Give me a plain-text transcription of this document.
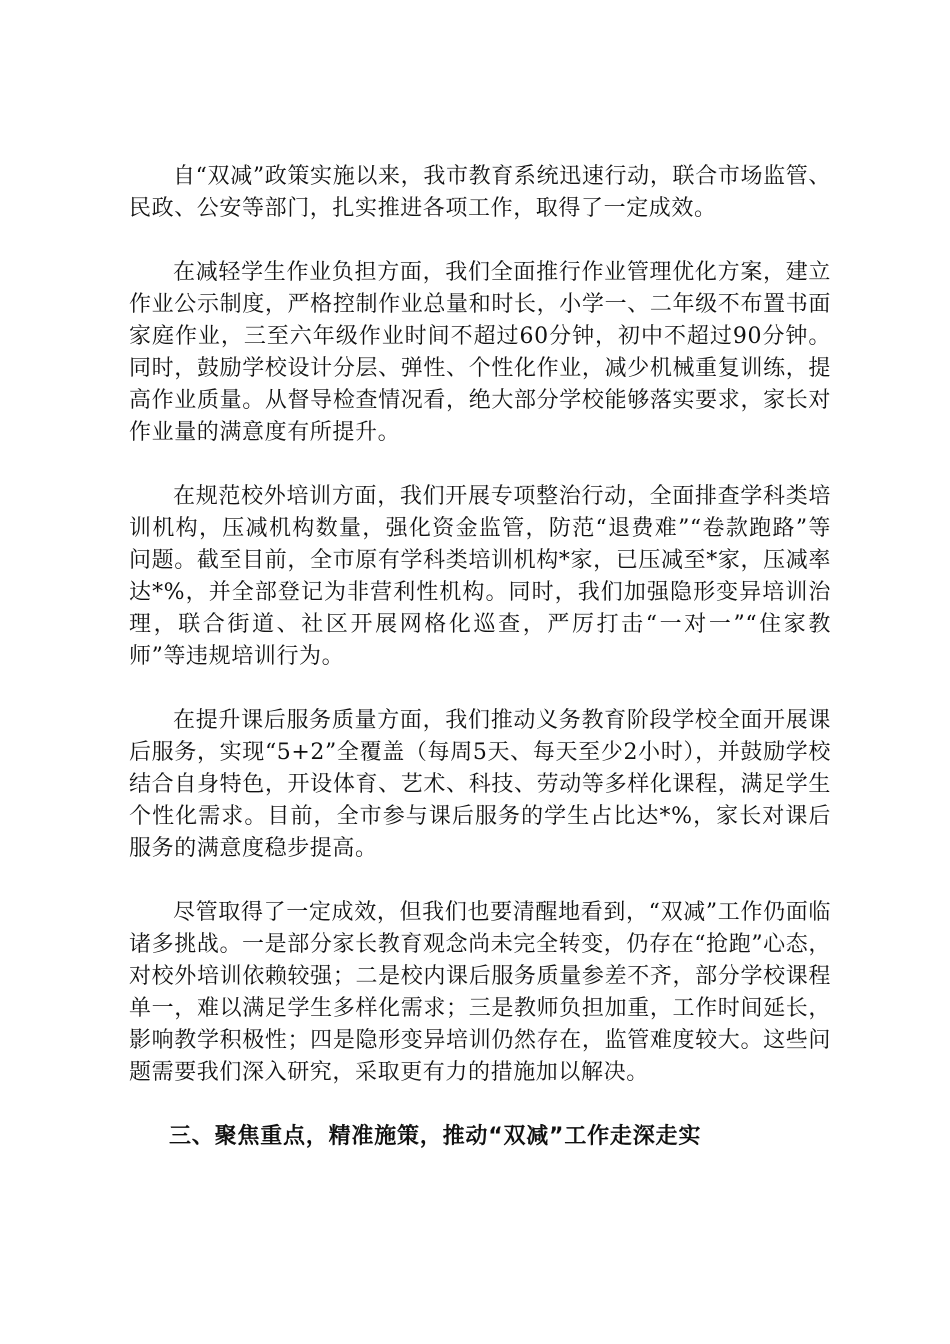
自“双减”政策实施以来，我市教育系统迅速行动，联合市场监管、民政、公安等部门，扎实推进各项工作，取得了一定成效。

在减轻学生作业负担方面，我们全面推行作业管理优化方案，建立作业公示制度，严格控制作业总量和时长，小学一、二年级不布置书面家庭作业，三至六年级作业时间不超过60分钟，初中不超过90分钟。同时，鼓励学校设计分层、弹性、个性化作业，减少机械重复训练，提高作业质量。从督导检查情况看，绝大部分学校能够落实要求，家长对作业量的满意度有所提升。

在规范校外培训方面，我们开展专项整治行动，全面排查学科类培训机构，压减机构数量，强化资金监管，防范“退费难”“卷款跑路”等问题。截至目前，全市原有学科类培训机构*家，已压减至*家，压减率达*%，并全部登记为非营利性机构。同时，我们加强隐形变异培训治理，联合街道、社区开展网格化巡查，严厉打击“一对一”“住家教师”等违规培训行为。

在提升课后服务质量方面，我们推动义务教育阶段学校全面开展课后服务，实现“5+2”全覆盖（每周5天、每天至少2小时），并鼓励学校结合自身特色，开设体育、艺术、科技、劳动等多样化课程，满足学生个性化需求。目前，全市参与课后服务的学生占比达*%，家长对课后服务的满意度稳步提高。

尽管取得了一定成效，但我们也要清醒地看到，“双减”工作仍面临诸多挑战。一是部分家长教育观念尚未完全转变，仍存在“抢跑”心态，对校外培训依赖较强；二是校内课后服务质量参差不齐，部分学校课程单一，难以满足学生多样化需求；三是教师负担加重，工作时间延长，影响教学积极性；四是隐形变异培训仍然存在，监管难度较大。这些问题需要我们深入研究，采取更有力的措施加以解决。

三、聚焦重点，精准施策，推动“双减”工作走深走实
